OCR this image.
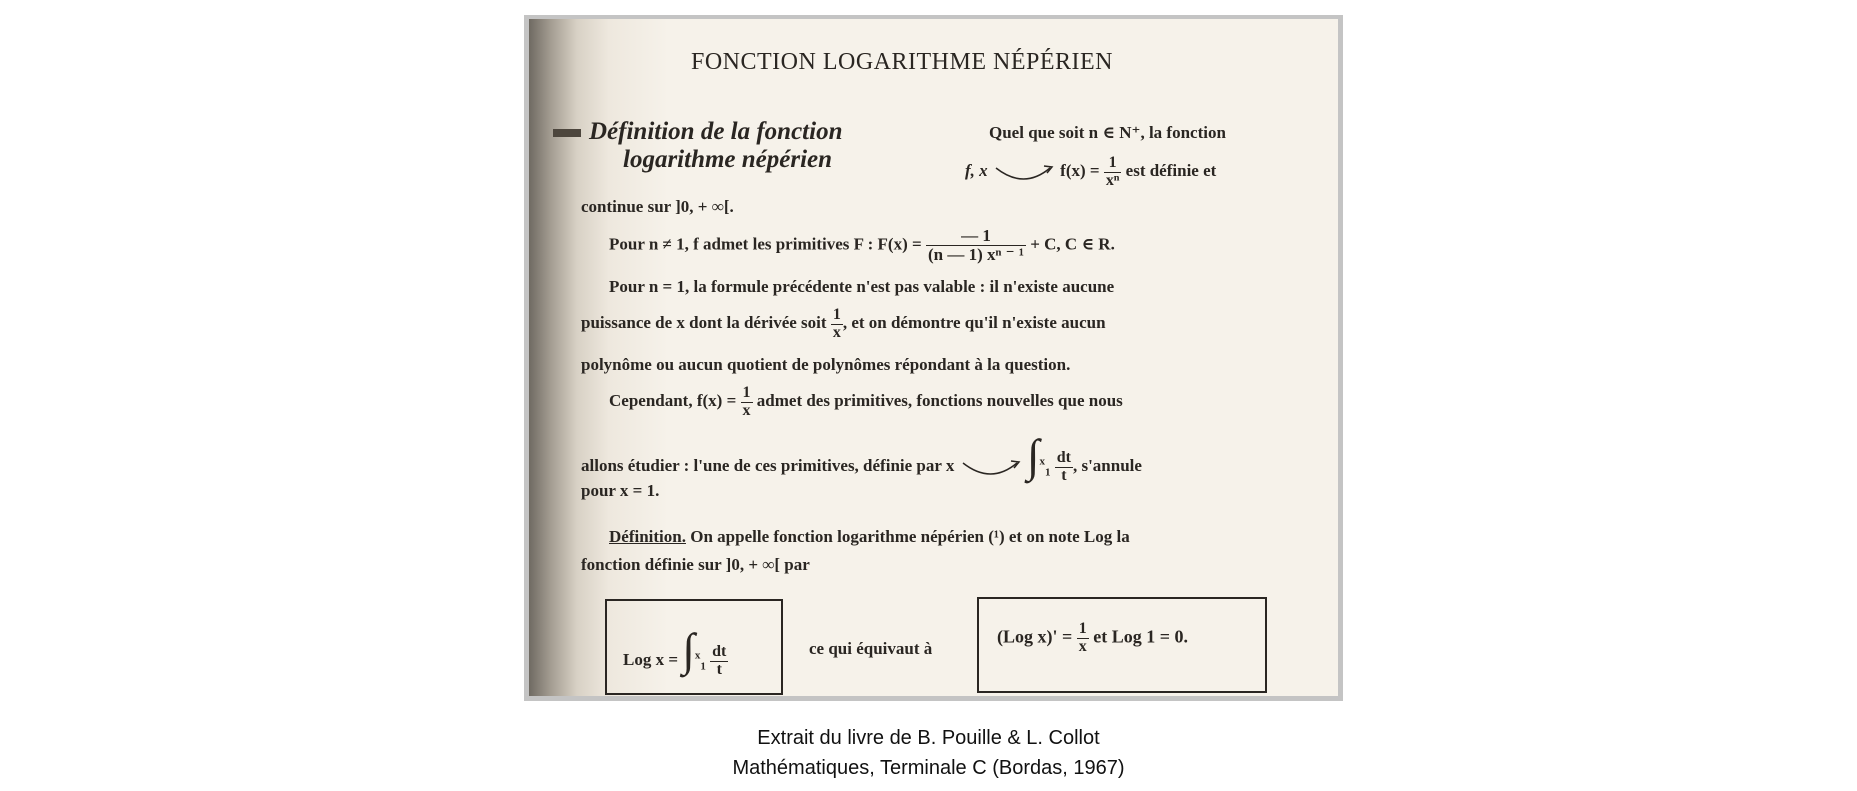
FONCTION LOGARITHME NÉPÉRIEN
Définition de la fonction
logarithme népérien
Quel que soit n ∈ N⁺, la fonction
f, x	$f(x) = \frac{1}{\text{xⁿ}}$ est définie et
continue sur ]0, + ∞[.
Pour n ≠ 1, f admet les primitives F : $F(x) = \frac{— 1}{\text{(n — 1) xⁿ ⁻ ¹}} + C$, C ∈ R.
Pour n = 1, la formule précédente n'est pas valable : il n'existe aucune
puissance de x dont la dérivée soit $\frac{1}{x}$ , et on démontre qu'il n'existe aucun
polynôme ou aucun quotient de polynômes répondant à la question.
Cependant, $f(x) = \frac{1}{x}$ admet des primitives, fonctions nouvelles que nous
allons étudier : l'une de ces primitives, définie par x $\int^x_1 \frac{dt}{t}$ , s'annule
pour x = 1.
Définition. On appelle fonction logarithme népérien (¹) et on note Log la
fonction définie sur ]0, + ∞[ par
Log $x = \int^x_1 \frac{dt}{t}$	ce qui équivaut à
(Log $x)' = \frac{1}{x}$ et Log 1 = 0.
Extrait du livre de B. Pouille & L. Collot
Mathématiques, Terminale C (Bordas, 1967)
